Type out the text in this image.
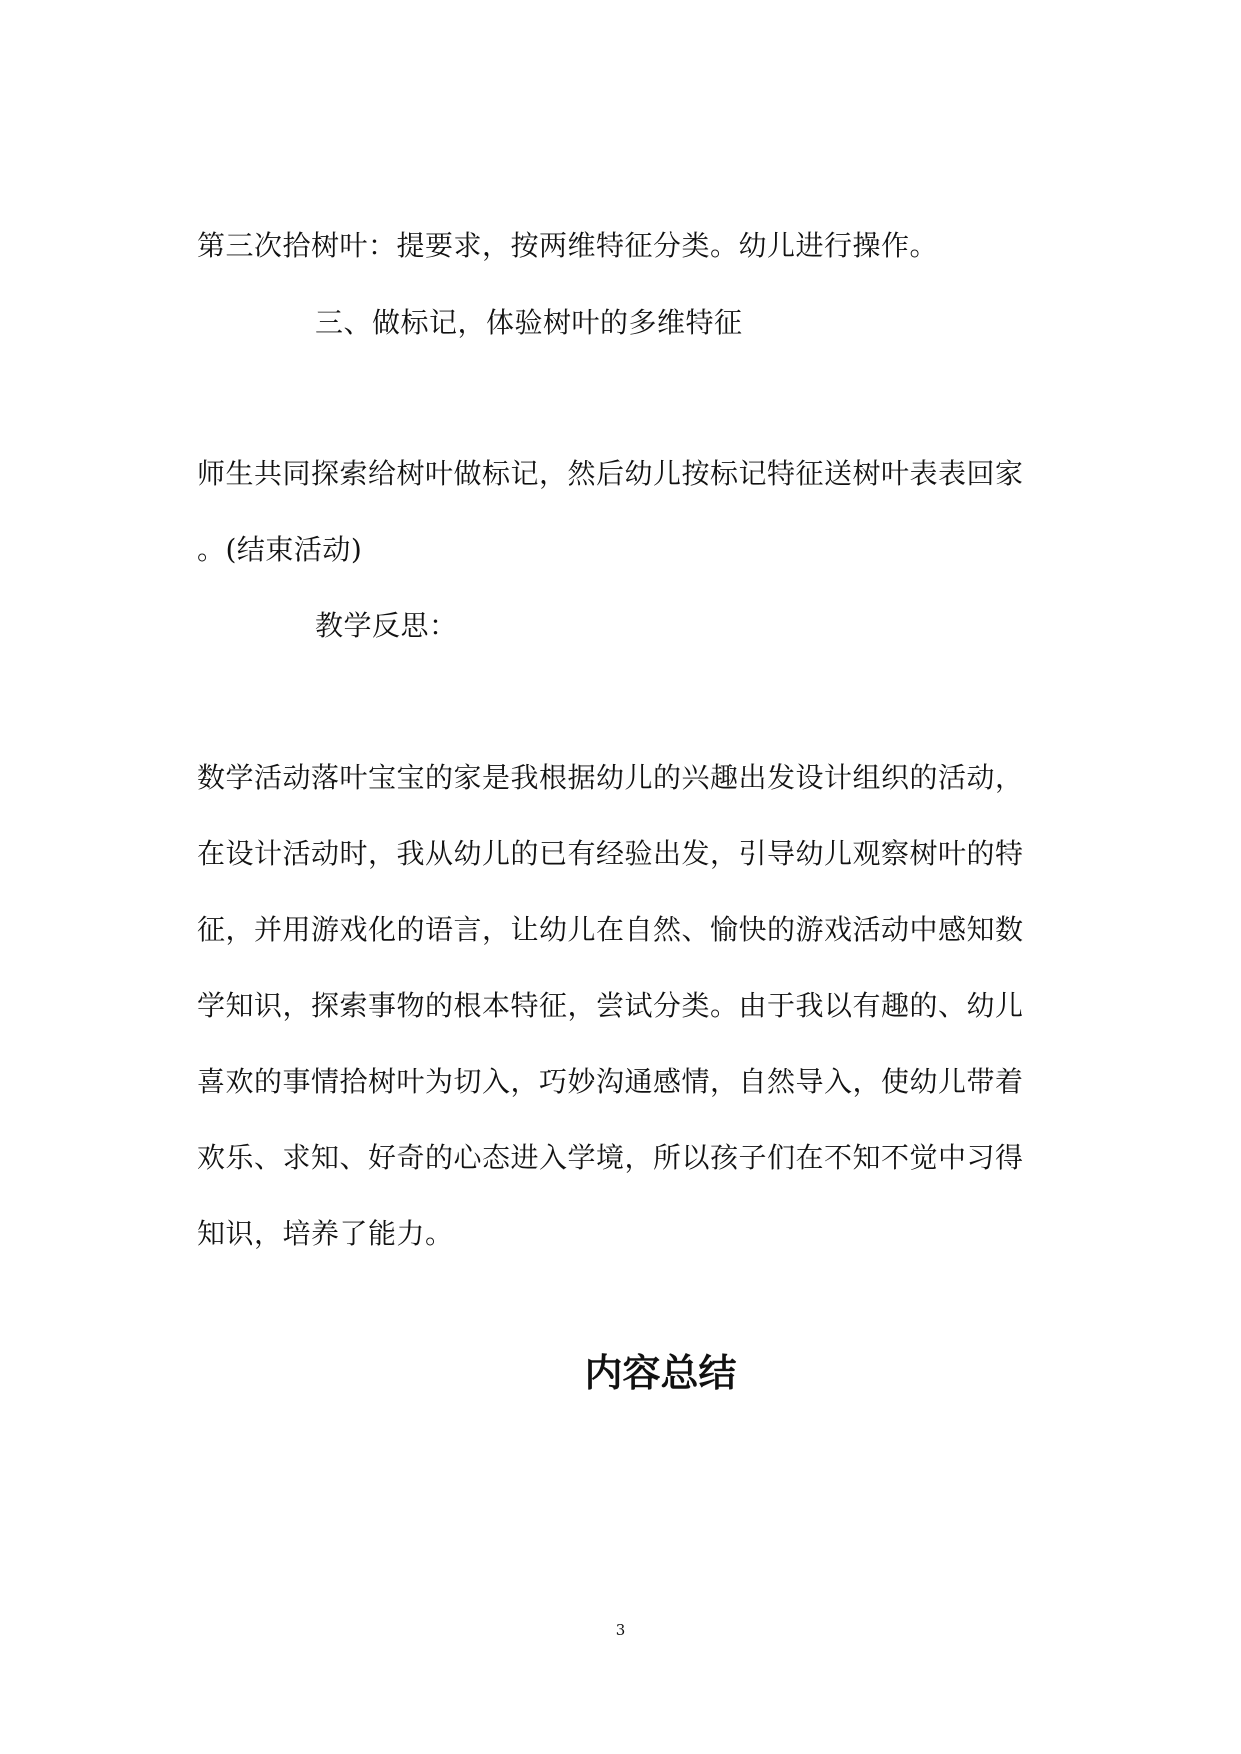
第三次拾树叶：提要求，按两维特征分类。幼儿进行操作。
三、做标记，体验树叶的多维特征
师生共同探索给树叶做标记，然后幼儿按标记特征送树叶表表回家
。(结束活动)
教学反思：
数学活动落叶宝宝的家是我根据幼儿的兴趣出发设计组织的活动，
在设计活动时，我从幼儿的已有经验出发，引导幼儿观察树叶的特
征，并用游戏化的语言，让幼儿在自然、愉快的游戏活动中感知数
学知识，探索事物的根本特征，尝试分类。由于我以有趣的、幼儿
喜欢的事情拾树叶为切入，巧妙沟通感情，自然导入，使幼儿带着
欢乐、求知、好奇的心态进入学境，所以孩子们在不知不觉中习得
知识，培养了能力。
内容总结
3
